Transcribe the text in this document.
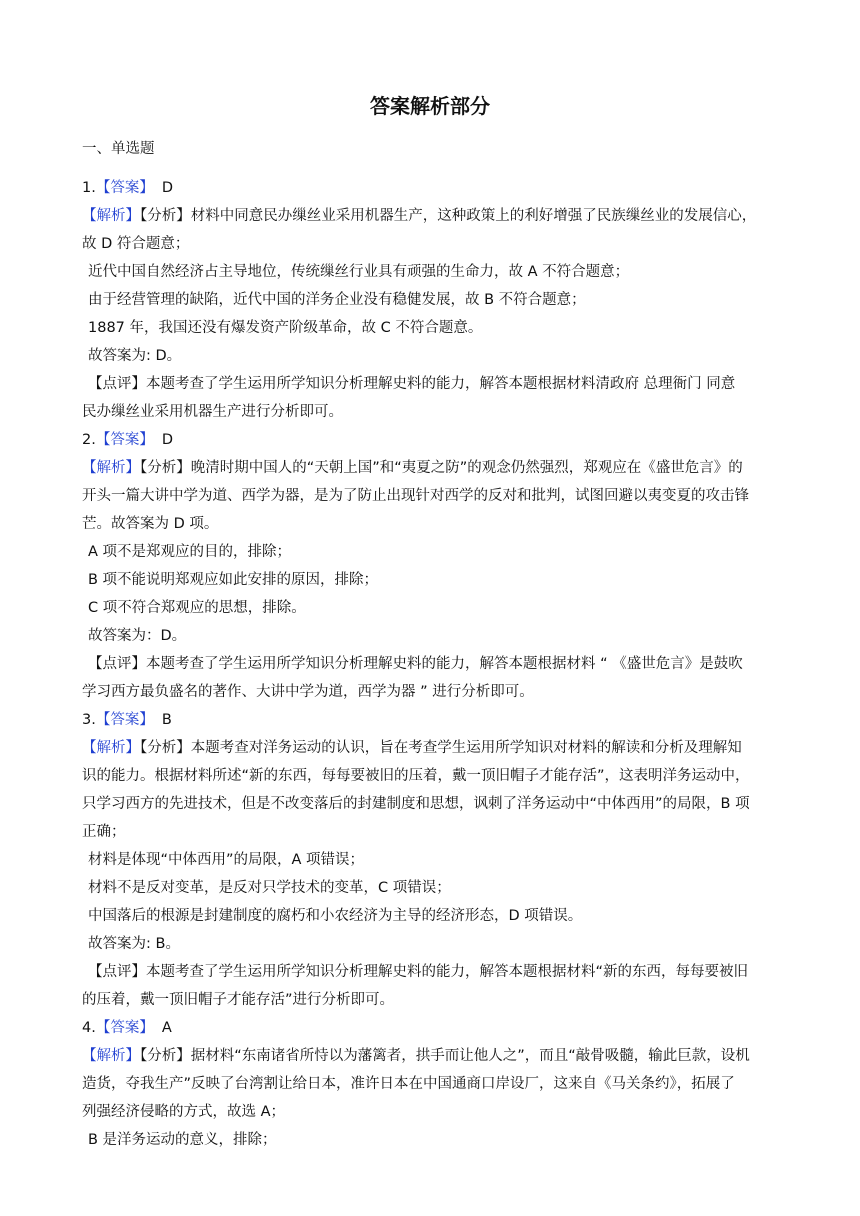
答案解析部分
一、单选题
1.【答案】 D
【解析】【分析】材料中同意民办缫丝业采用机器生产，这种政策上的利好增强了民族缫丝业的发展信心，
故 D 符合题意；
近代中国自然经济占主导地位，传统缫丝行业具有顽强的生命力，故 A 不符合题意；
由于经营管理的缺陷，近代中国的洋务企业没有稳健发展，故 B 不符合题意；
1887 年，我国还没有爆发资产阶级革命，故 C 不符合题意。
故答案为: D。
【点评】本题考查了学生运用所学知识分析理解史料的能力，解答本题根据材料清政府 总理衙门 同意
民办缫丝业采用机器生产进行分析即可。
2.【答案】 D
【解析】【分析】晚清时期中国人的“天朝上国”和“夷夏之防”的观念仍然强烈，郑观应在《盛世危言》的
开头一篇大讲中学为道、西学为器，是为了防止出现针对西学的反对和批判，试图回避以夷变夏的攻击锋
芒。故答案为 D 项。
A 项不是郑观应的目的，排除；
B 项不能说明郑观应如此安排的原因，排除；
C 项不符合郑观应的思想，排除。
故答案为：D。
【点评】本题考查了学生运用所学知识分析理解史料的能力，解答本题根据材料 “ 《盛世危言》是鼓吹
学习西方最负盛名的著作、大讲中学为道，西学为器 ” 进行分析即可。
3.【答案】 B
【解析】【分析】本题考查对洋务运动的认识，旨在考查学生运用所学知识对材料的解读和分析及理解知
识的能力。根据材料所述“新的东西，每每要被旧的压着，戴一顶旧帽子才能存活”，这表明洋务运动中，
只学习西方的先进技术，但是不改变落后的封建制度和思想，讽刺了洋务运动中“中体西用”的局限，B 项
正确；
材料是体现“中体西用”的局限，A 项错误；
材料不是反对变革，是反对只学技术的变革，C 项错误；
中国落后的根源是封建制度的腐朽和小农经济为主导的经济形态，D 项错误。
故答案为: B。
【点评】本题考查了学生运用所学知识分析理解史料的能力，解答本题根据材料“新的东西，每每要被旧
的压着，戴一顶旧帽子才能存活”进行分析即可。
4.【答案】 A
【解析】【分析】据材料“东南诸省所恃以为藩篱者，拱手而让他人之”，而且“敲骨吸髓，输此巨款，设机
造货，夺我生产”反映了台湾割让给日本，准许日本在中国通商口岸设厂，这来自《马关条约》，拓展了
列强经济侵略的方式，故选 A；
B 是洋务运动的意义，排除；
